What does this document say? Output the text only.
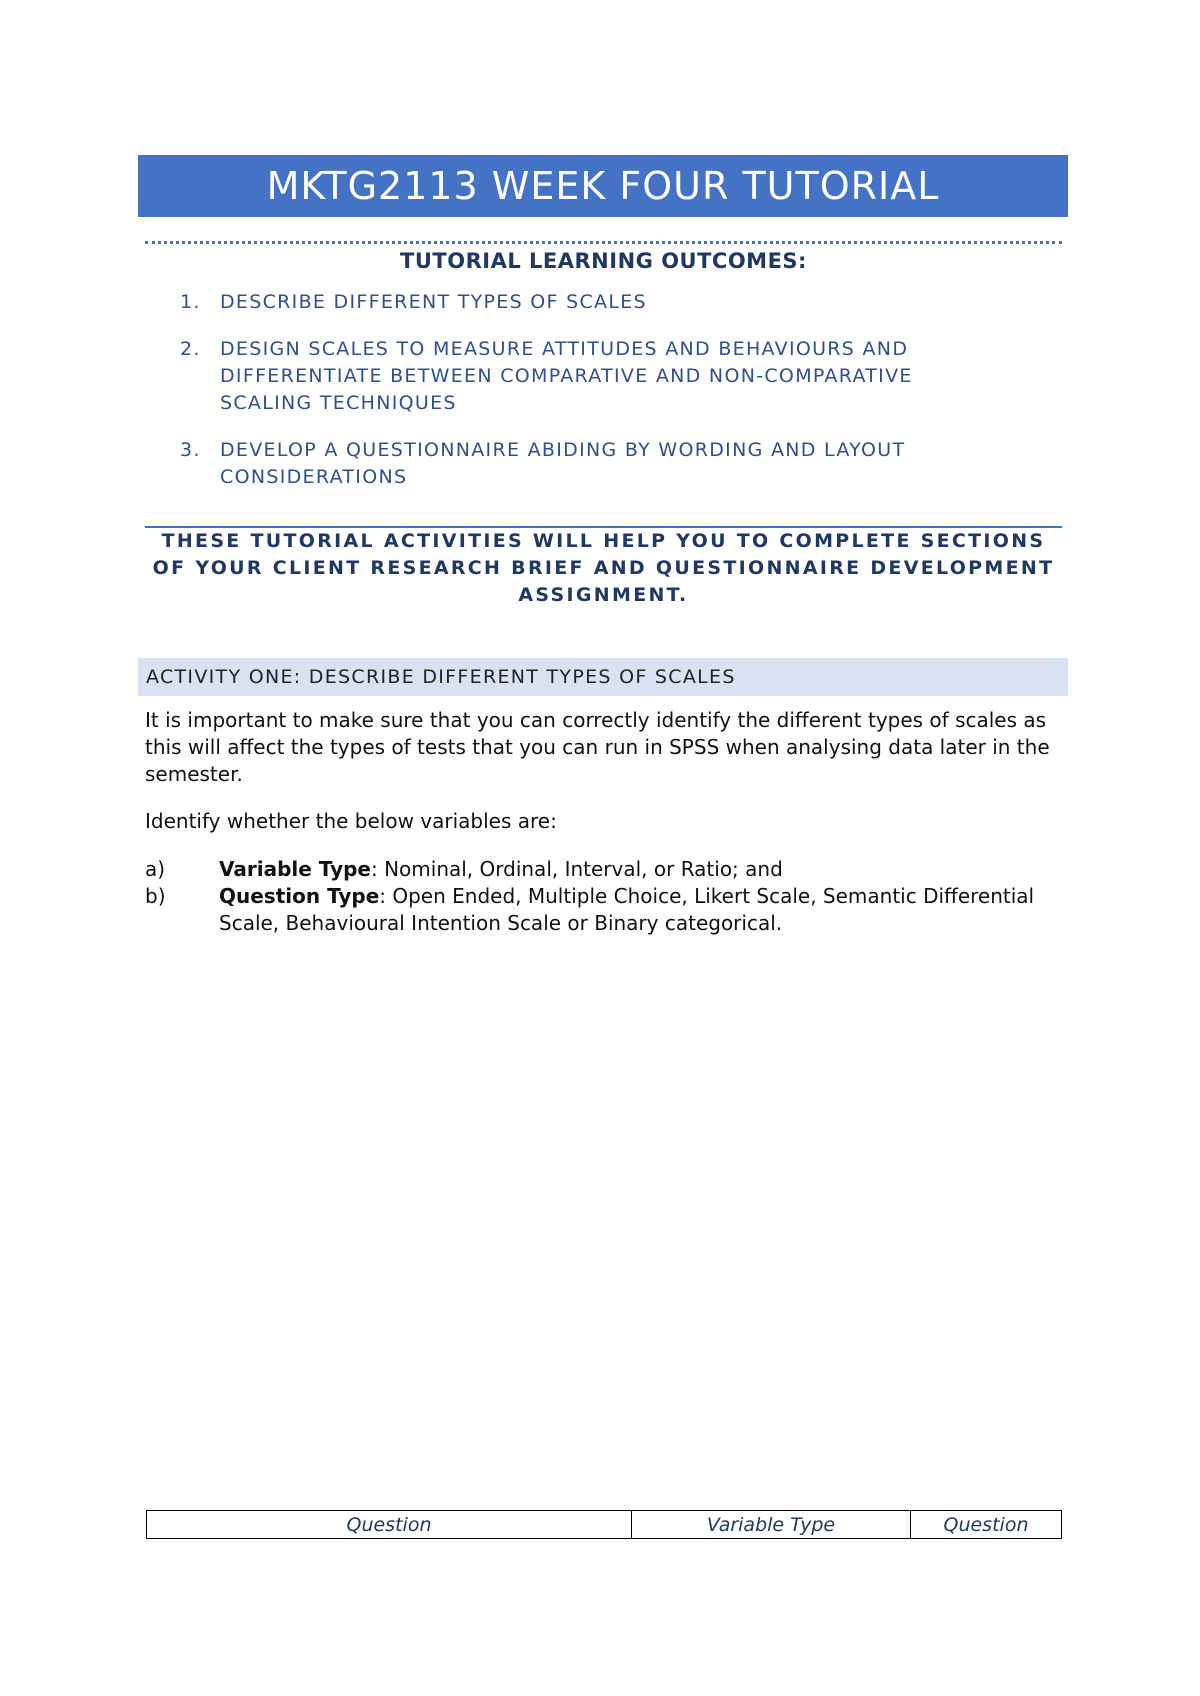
MKTG2113 WEEK FOUR TUTORIAL
TUTORIAL LEARNING OUTCOMES:
1.	DESCRIBE DIFFERENT TYPES OF SCALES
2.	DESIGN SCALES TO MEASURE ATTITUDES AND BEHAVIOURS AND DIFFERENTIATE BETWEEN COMPARATIVE AND NON-COMPARATIVE SCALING TECHNIQUES
3.	DEVELOP A QUESTIONNAIRE ABIDING BY WORDING AND LAYOUT CONSIDERATIONS
THESE TUTORIAL ACTIVITIES WILL HELP YOU TO COMPLETE SECTIONS OF YOUR CLIENT RESEARCH BRIEF AND QUESTIONNAIRE DEVELOPMENT ASSIGNMENT.
ACTIVITY ONE: DESCRIBE DIFFERENT TYPES OF SCALES

It is important to make sure that you can correctly identify the different types of scales as this will affect the types of tests that you can run in SPSS when analysing data later in the semester.

Identify whether the below variables are:

a)	Variable Type: Nominal, Ordinal, Interval, or Ratio; and
b)	Question Type: Open Ended, Multiple Choice, Likert Scale, Semantic Differential Scale, Behavioural Intention Scale or Binary categorical.
Question	Variable Type	Question
